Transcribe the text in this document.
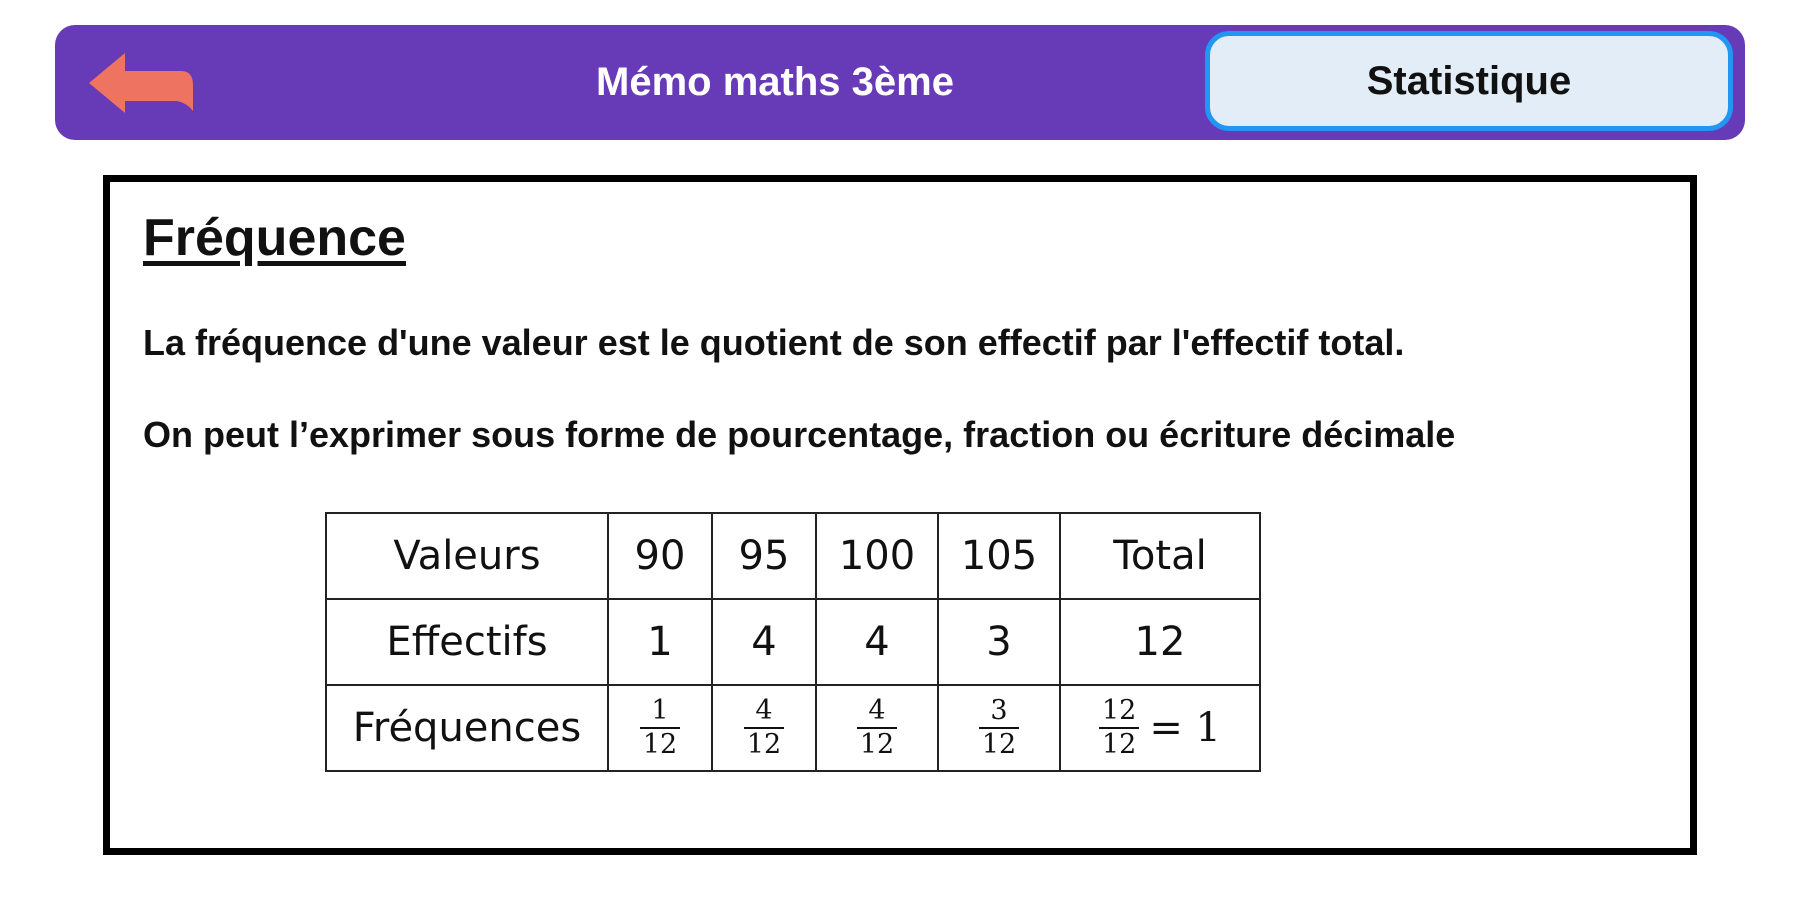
Mémo maths 3ème	Statistique
Fréquence

La fréquence d'une valeur est le quotient de son effectif par l'effectif total.

On peut l’exprimer sous forme de pourcentage, fraction ou écriture décimale

Valeurs	90	95	100	105	Total
Effectifs	1	4	4	3	12
Fréquences	$\frac{1}{12}$	$\frac{4}{12}$	$\frac{4}{12}$	$\frac{3}{12}$	$\frac{12}{12} = 1$
